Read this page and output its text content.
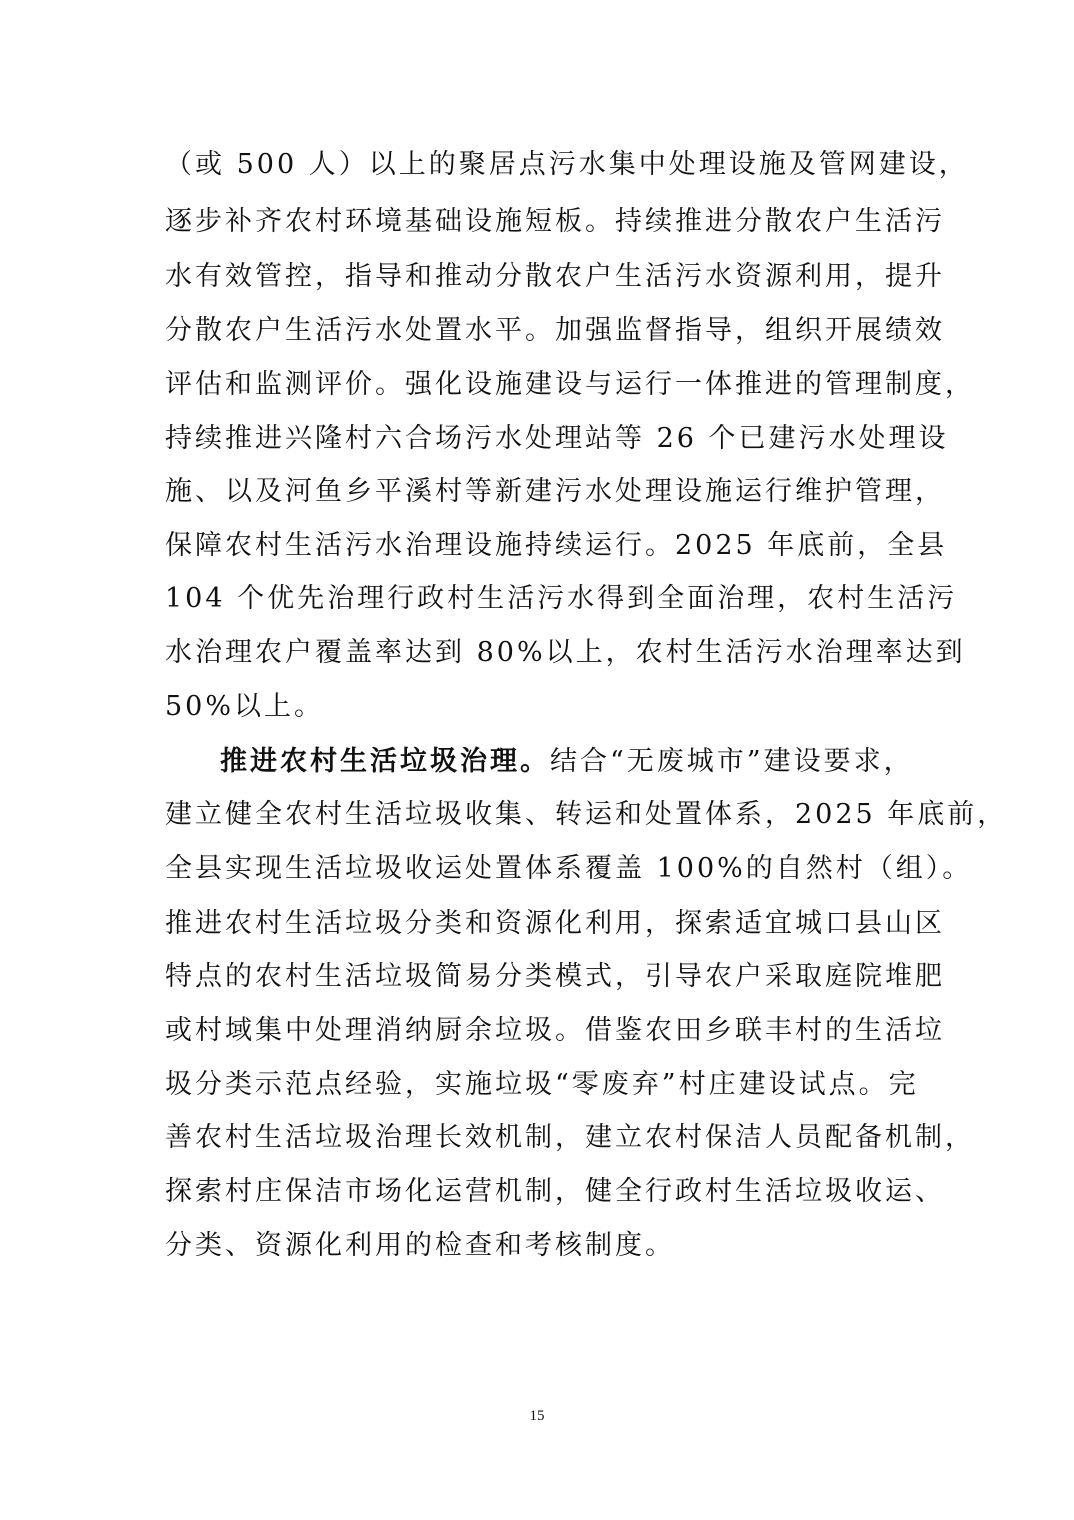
（或 500 人）以上的聚居点污水集中处理设施及管网建设，
逐步补齐农村环境基础设施短板。持续推进分散农户生活污
水有效管控，指导和推动分散农户生活污水资源利用，提升
分散农户生活污水处置水平。加强监督指导，组织开展绩效
评估和监测评价。强化设施建设与运行一体推进的管理制度，
持续推进兴隆村六合场污水处理站等 26 个已建污水处理设
施、以及河鱼乡平溪村等新建污水处理设施运行维护管理，
保障农村生活污水治理设施持续运行。2025 年底前，全县
104 个优先治理行政村生活污水得到全面治理，农村生活污
水治理农户覆盖率达到 80%以上，农村生活污水治理率达到
50%以上。
推进农村生活垃圾治理。结合“无废城市”建设要求，
建立健全农村生活垃圾收集、转运和处置体系，2025 年底前，
全县实现生活垃圾收运处置体系覆盖 100%的自然村（组）。
推进农村生活垃圾分类和资源化利用，探索适宜城口县山区
特点的农村生活垃圾简易分类模式，引导农户采取庭院堆肥
或村域集中处理消纳厨余垃圾。借鉴农田乡联丰村的生活垃
圾分类示范点经验，实施垃圾“零废弃”村庄建设试点。完
善农村生活垃圾治理长效机制，建立农村保洁人员配备机制，
探索村庄保洁市场化运营机制，健全行政村生活垃圾收运、
分类、资源化利用的检查和考核制度。
15
